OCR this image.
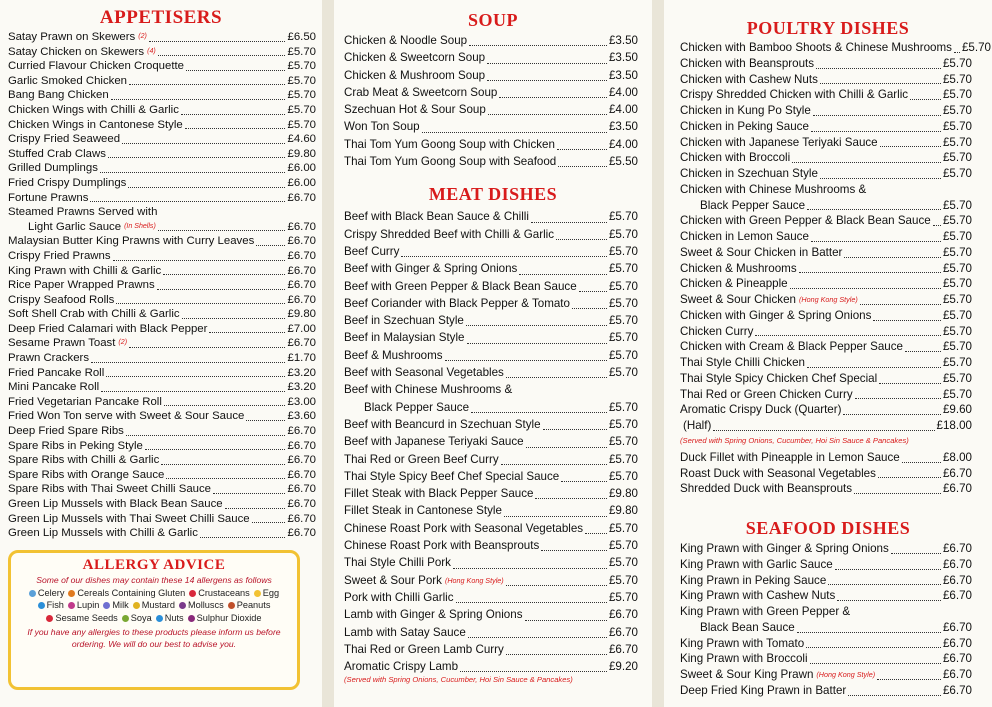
APPETISERS
Satay Prawn on Skewers (2)	£6.50
Satay Chicken on Skewers (4)	£5.70
Curried Flavour Chicken Croquette	£5.70
Garlic Smoked Chicken	£5.70
Bang Bang Chicken	£5.70
Chicken Wings with Chilli & Garlic	£5.70
Chicken Wings in Cantonese Style	£5.70
Crispy Fried Seaweed	£4.60
Stuffed Crab Claws	£9.80
Grilled Dumplings	£6.00
Fried Crispy Dumplings	£6.00
Fortune Prawns	£6.70
Steamed Prawns Served with
Light Garlic Sauce (In Shells)	£6.70
Malaysian Butter King Prawns with Curry Leaves	£6.70
Crispy Fried Prawns	£6.70
King Prawn with Chilli & Garlic	£6.70
Rice Paper Wrapped Prawns	£6.70
Crispy Seafood Rolls	£6.70
Soft Shell Crab with Chilli & Garlic	£9.80
Deep Fried Calamari with Black Pepper	£7.00
Sesame Prawn Toast (2)	£6.70
Prawn Crackers	£1.70
Fried Pancake Roll	£3.20
Mini Pancake Roll	£3.20
Fried Vegetarian Pancake Roll	£3.00
Fried Won Ton serve with Sweet & Sour Sauce	£3.60
Deep Fried Spare Ribs	£6.70
Spare Ribs in Peking Style	£6.70
Spare Ribs with Chilli & Garlic	£6.70
Spare Ribs with Orange Sauce	£6.70
Spare Ribs with Thai Sweet Chilli Sauce	£6.70
Green Lip Mussels with Black Bean Sauce	£6.70
Green Lip Mussels with Thai Sweet Chilli Sauce	£6.70
Green Lip Mussels with Chilli & Garlic	£6.70
ALLERGY ADVICE

Some of our dishes may contain these 14 allergens as follows

Celery Cereals Containing Gluten Crustaceans EggFish Lupin Milk Mustard Molluscs PeanutsSesame Seeds Soya Nuts Sulphur Dioxide

If you have any allergies to these products please inform us before ordering. We will do our best to advise you.

SOUP
Chicken & Noodle Soup	£3.50
Chicken & Sweetcorn Soup	£3.50
Chicken & Mushroom Soup	£3.50
Crab Meat & Sweetcorn Soup	£4.00
Szechuan Hot & Sour Soup	£4.00
Won Ton Soup	£3.50
Thai Tom Yum Goong Soup with Chicken	£4.00
Thai Tom Yum Goong Soup with Seafood	£5.50
MEAT DISHES
Beef with Black Bean Sauce & Chilli	£5.70
Crispy Shredded Beef with Chilli & Garlic	£5.70
Beef Curry	£5.70
Beef with Ginger & Spring Onions	£5.70
Beef with Green Pepper & Black Bean Sauce	£5.70
Beef Coriander with Black Pepper & Tomato	£5.70
Beef in Szechuan Style	£5.70
Beef in Malaysian Style	£5.70
Beef & Mushrooms	£5.70
Beef with Seasonal Vegetables	£5.70
Beef with Chinese Mushrooms &
Black Pepper Sauce	£5.70
Beef with Beancurd in Szechuan Style	£5.70
Beef with Japanese Teriyaki Sauce	£5.70
Thai Red or Green Beef Curry	£5.70
Thai Style Spicy Beef Chef Special Sauce	£5.70
Fillet Steak with Black Pepper Sauce	£9.80
Fillet Steak in Cantonese Style	£9.80
Chinese Roast Pork with Seasonal Vegetables £5.70
Chinese Roast Pork with Beansprouts	£5.70
Thai Style Chilli Pork	£5.70
Sweet & Sour Pork (Hong Kong Style)	£5.70
Pork with Chilli Garlic	£5.70
Lamb with Ginger & Spring Onions	£6.70
Lamb with Satay Sauce	£6.70
Thai Red or Green Lamb Curry	£6.70
Aromatic Crispy Lamb	£9.20
(Served with Spring Onions, Cucumber, Hoi Sin Sauce & Pancakes)
POULTRY DISHES
Chicken with Bamboo Shoots & Chinese Mushrooms £5.70
Chicken with Beansprouts	£5.70
Chicken with Cashew Nuts	£5.70
Crispy Shredded Chicken with Chilli & Garlic	£5.70
Chicken in Kung Po Style	£5.70
Chicken in Peking Sauce	£5.70
Chicken with Japanese Teriyaki Sauce	£5.70
Chicken with Broccoli	£5.70
Chicken in Szechuan Style	£5.70
Chicken with Chinese Mushrooms &
Black Pepper Sauce	£5.70
Chicken with Green Pepper & Black Bean Sauce £5.70
Chicken in Lemon Sauce	£5.70
Sweet & Sour Chicken in Batter	£5.70
Chicken & Mushrooms	£5.70
Chicken & Pineapple	£5.70
Sweet & Sour Chicken (Hong Kong Style)	£5.70
Chicken with Ginger & Spring Onions	£5.70
Chicken Curry	£5.70
Chicken with Cream & Black Pepper Sauce	£5.70
Thai Style Chilli Chicken	£5.70
Thai Style Spicy Chicken Chef Special	£5.70
Thai Red or Green Chicken Curry	£5.70
Aromatic Crispy Duck (Quarter)	£9.60
(Half)	£18.00
(Served with Spring Onions, Cucumber, Hoi Sin Sauce & Pancakes)
Duck Fillet with Pineapple in Lemon Sauce	£8.00
Roast Duck with Seasonal Vegetables	£6.70
Shredded Duck with Beansprouts	£6.70
SEAFOOD DISHES
King Prawn with Ginger & Spring Onions	£6.70
King Prawn with Garlic Sauce	£6.70
King Prawn in Peking Sauce	£6.70
King Prawn with Cashew Nuts	£6.70
King Prawn with Green Pepper &
Black Bean Sauce	£6.70
King Prawn with Tomato	£6.70
King Prawn with Broccoli	£6.70
Sweet & Sour King Prawn (Hong Kong Style)	£6.70
Deep Fried King Prawn in Batter	£6.70
